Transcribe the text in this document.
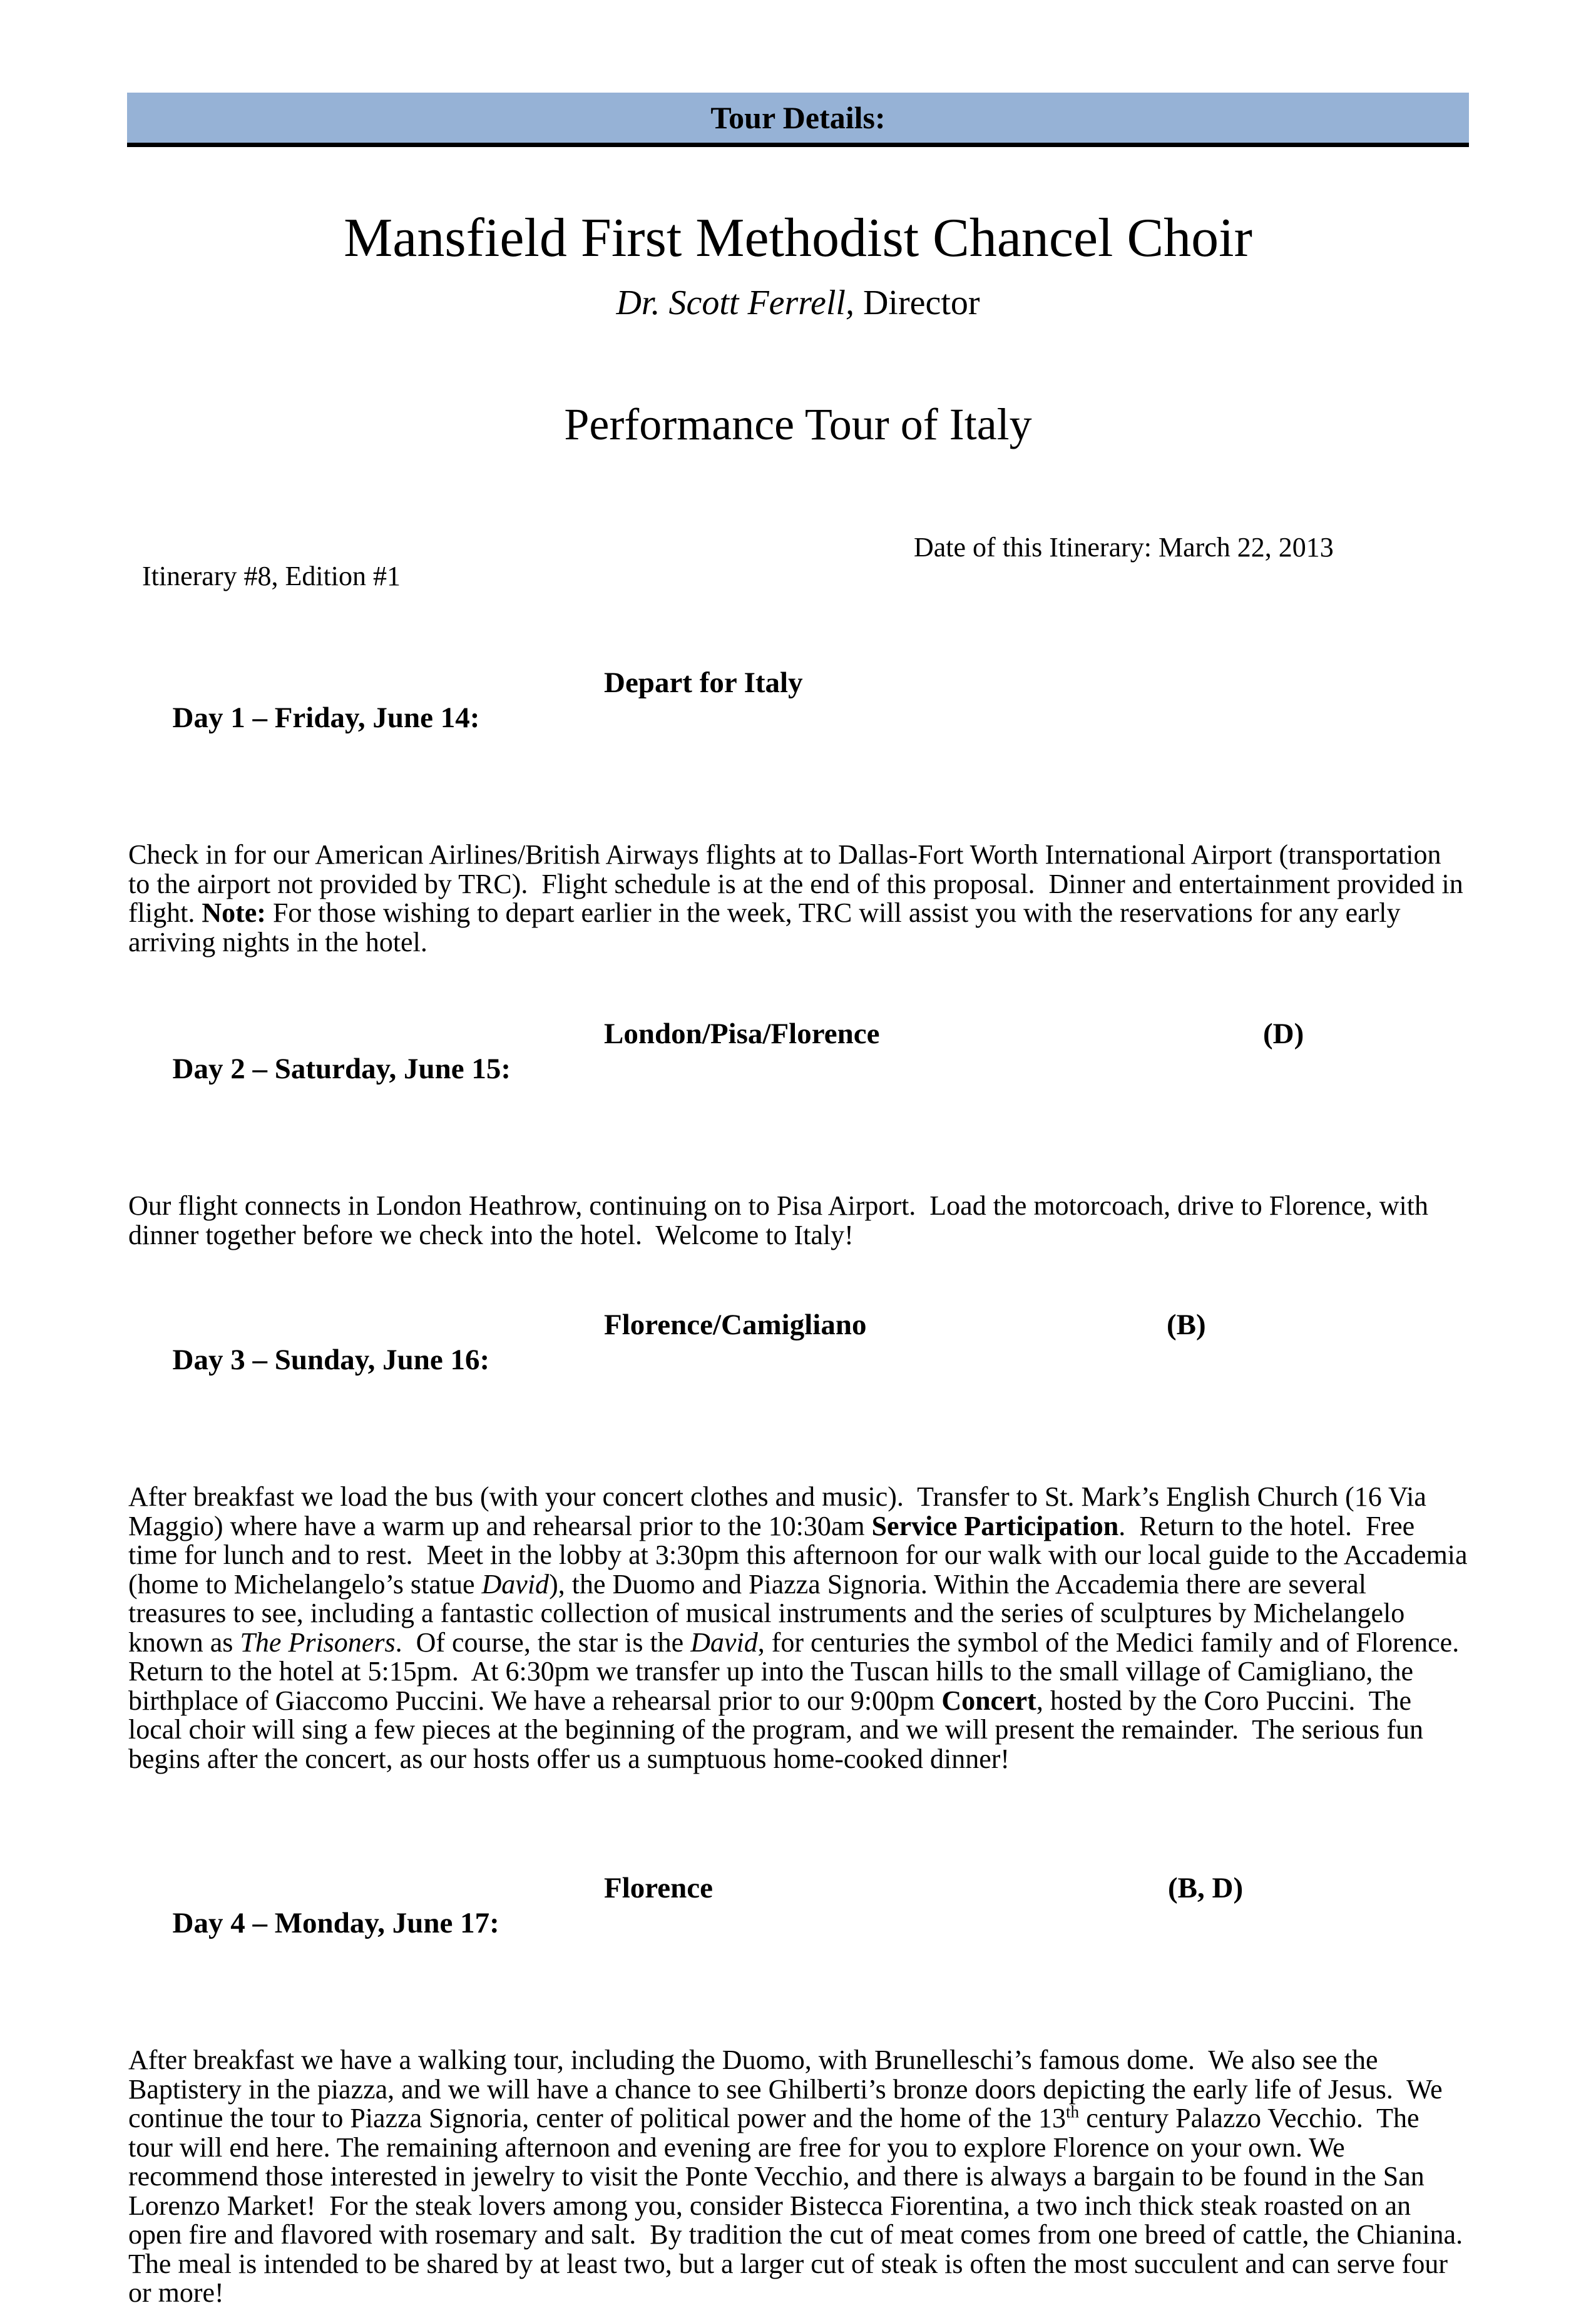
Tour Details:
Mansfield First Methodist Chancel Choir
Dr. Scott Ferrell, Director
Performance Tour of Italy

Itinerary #8, Edition #1

Date of this Itinerary: March 22, 2013

Day 1 – Friday, June 14:

Depart for Italy

Check in for our American Airlines/British Airways flights at to Dallas-Fort Worth International Airport (transportation to the airport not provided by TRC).  Flight schedule is at the end of this proposal.  Dinner and entertainment provided in flight. Note: For those wishing to depart earlier in the week, TRC will assist you with the reservations for any early arriving nights in the hotel.

Day 2 – Saturday, June 15:

London/Pisa/Florence

	(D)

Our flight connects in London Heathrow, continuing on to Pisa Airport.  Load the motorcoach, drive to Florence, with dinner together before we check into the hotel.  Welcome to Italy!

Day 3 – Sunday, June 16:

Florence/Camigliano

	(B)

After breakfast we load the bus (with your concert clothes and music).  Transfer to St. Mark’s English Church (16 Via Maggio) where have a warm up and rehearsal prior to the 10:30am Service Participation.  Return to the hotel.  Free time for lunch and to rest.  Meet in the lobby at 3:30pm this afternoon for our walk with our local guide to the Accademia (home to Michelangelo’s statue David), the Duomo and Piazza Signoria. Within the Accademia there are several treasures to see, including a fantastic collection of musical instruments and the series of sculptures by Michelangelo known as The Prisoners.  Of course, the star is the David, for centuries the symbol of the Medici family and of Florence.  Return to the hotel at 5:15pm.  At 6:30pm we transfer up into the Tuscan hills to the small village of Camigliano, the birthplace of Giaccomo Puccini. We have a rehearsal prior to our 9:00pm Concert, hosted by the Coro Puccini.  The local choir will sing a few pieces at the beginning of the program, and we will present the remainder.  The serious fun begins after the concert, as our hosts offer us a sumptuous home-cooked dinner!

Day 4 – Monday, June 17:

Florence

	(B, D)

After breakfast we have a walking tour, including the Duomo, with Brunelleschi’s famous dome.  We also see the Baptistery in the piazza, and we will have a chance to see Ghilberti’s bronze doors depicting the early life of Jesus.  We continue the tour to Piazza Signoria, center of political power and the home of the 13th century Palazzo Vecchio.  The tour will end here. The remaining afternoon and evening are free for you to explore Florence on your own. We recommend those interested in jewelry to visit the Ponte Vecchio, and there is always a bargain to be found in the San Lorenzo Market!  For the steak lovers among you, consider Bistecca Fiorentina, a two inch thick steak roasted on an open fire and flavored with rosemary and salt.  By tradition the cut of meat comes from one breed of cattle, the Chianina.  The meal is intended to be shared by at least two, but a larger cut of steak is often the most succulent and can serve four or more!
